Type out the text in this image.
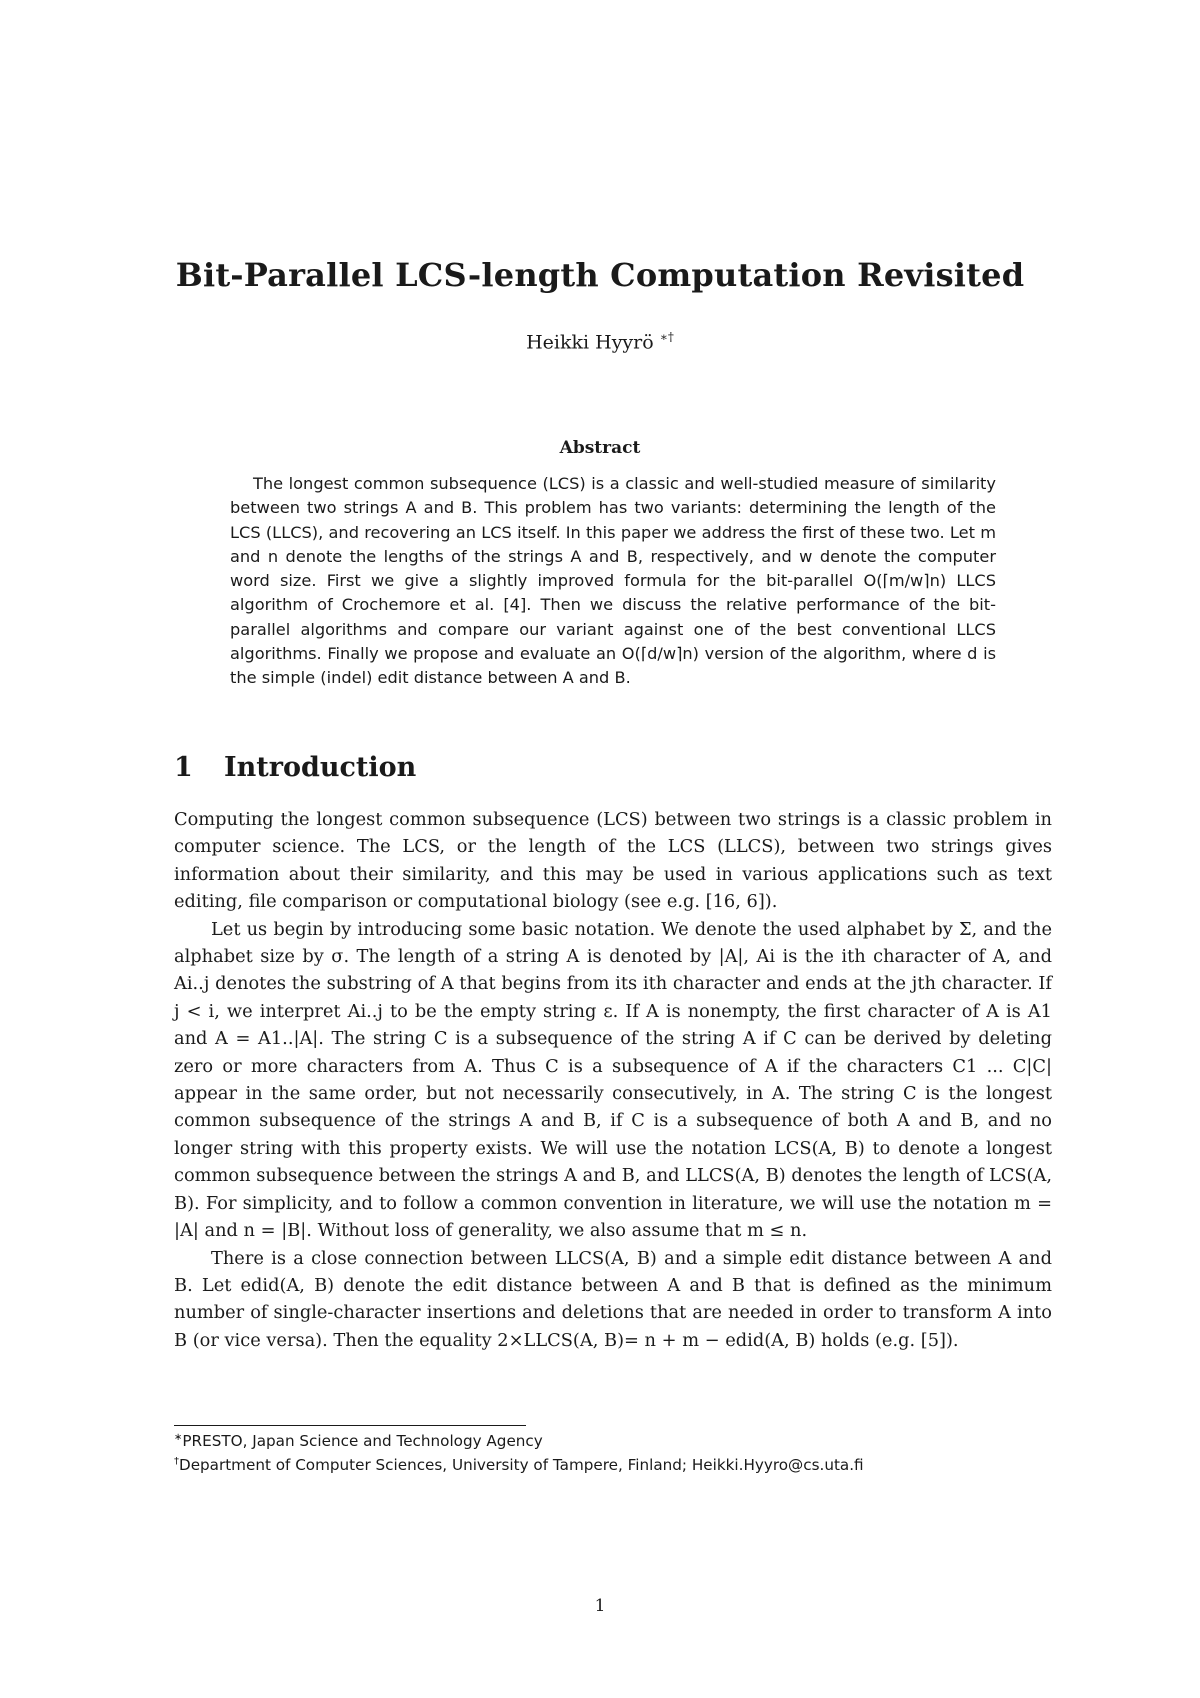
Bit-Parallel LCS-length Computation Revisited
Heikki Hyyrö ∗†
Abstract
The longest common subsequence (LCS) is a classic and well-studied measure of similarity between two strings A and B. This problem has two variants: determining the length of the LCS (LLCS), and recovering an LCS itself. In this paper we address the first of these two. Let m and n denote the lengths of the strings A and B, respectively, and w denote the computer word size. First we give a slightly improved formula for the bit-parallel O(⌈m/w⌉n) LLCS algorithm of Crochemore et al. [4]. Then we discuss the relative performance of the bit-parallel algorithms and compare our variant against one of the best conventional LLCS algorithms. Finally we propose and evaluate an O(⌈d/w⌉n) version of the algorithm, where d is the simple (indel) edit distance between A and B.
1 Introduction

Computing the longest common subsequence (LCS) between two strings is a classic problem in computer science. The LCS, or the length of the LCS (LLCS), between two strings gives information about their similarity, and this may be used in various applications such as text editing, file comparison or computational biology (see e.g. [16, 6]).

Let us begin by introducing some basic notation. We denote the used alphabet by Σ, and the alphabet size by σ. The length of a string A is denoted by |A|, Ai is the ith character of A, and Ai..j denotes the substring of A that begins from its ith character and ends at the jth character. If j < i, we interpret Ai..j to be the empty string ε. If A is nonempty, the first character of A is A1 and A = A1..|A|. The string C is a subsequence of the string A if C can be derived by deleting zero or more characters from A. Thus C is a subsequence of A if the characters C1 ... C|C| appear in the same order, but not necessarily consecutively, in A. The string C is the longest common subsequence of the strings A and B, if C is a subsequence of both A and B, and no longer string with this property exists. We will use the notation LCS(A, B) to denote a longest common subsequence between the strings A and B, and LLCS(A, B) denotes the length of LCS(A, B). For simplicity, and to follow a common convention in literature, we will use the notation m = |A| and n = |B|. Without loss of generality, we also assume that m ≤ n.

There is a close connection between LLCS(A, B) and a simple edit distance between A and B. Let edid(A, B) denote the edit distance between A and B that is defined as the minimum number of single-character insertions and deletions that are needed in order to transform A into B (or vice versa). Then the equality 2×LLCS(A, B)= n + m − edid(A, B) holds (e.g. [5]).

∗PRESTO, Japan Science and Technology Agency
†Department of Computer Sciences, University of Tampere, Finland; Heikki.Hyyro@cs.uta.fi
1
